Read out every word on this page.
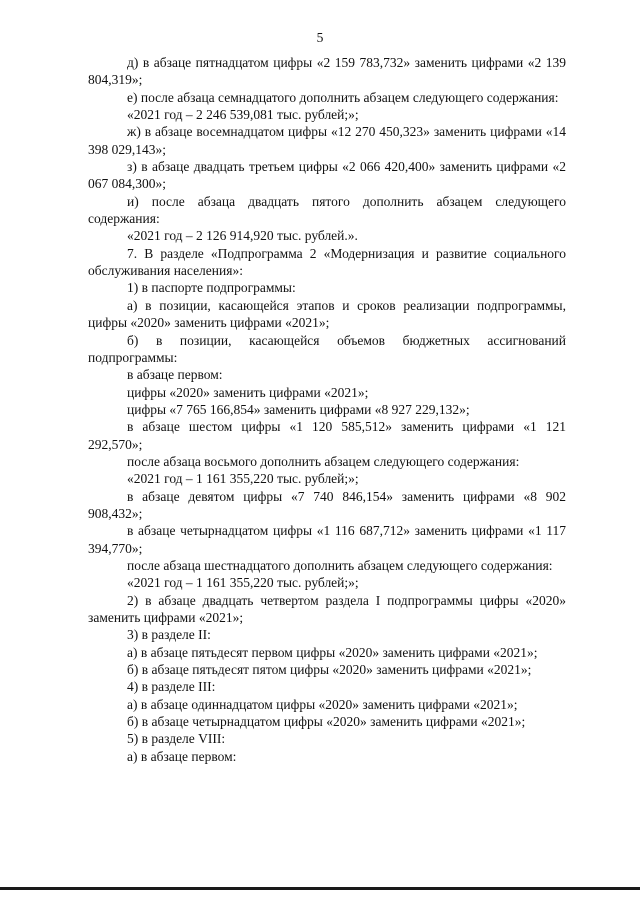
5

д) в абзаце пятнадцатом цифры «2 159 783,732» заменить цифрами «2 139 804,319»;

е) после абзаца семнадцатого дополнить абзацем следующего содержания:

«2021 год – 2 246 539,081 тыс. рублей;»;

ж) в абзаце восемнадцатом цифры «12 270 450,323» заменить цифрами «14 398 029,143»;

з) в абзаце двадцать третьем цифры «2 066 420,400» заменить цифрами «2 067 084,300»;

и) после абзаца двадцать пятого дополнить абзацем следующего содержания:

«2021 год – 2 126 914,920 тыс. рублей.».

7. В разделе «Подпрограмма 2 «Модернизация и развитие социального обслуживания населения»:

1) в паспорте подпрограммы:

а) в позиции, касающейся этапов и сроков реализации подпрограммы, цифры «2020» заменить цифрами «2021»;

б) в позиции, касающейся объемов бюджетных ассигнований подпрограммы:

в абзаце первом:

цифры «2020» заменить цифрами «2021»;

цифры «7 765 166,854» заменить цифрами «8 927 229,132»;

в абзаце шестом цифры «1 120 585,512» заменить цифрами «1 121 292,570»;

после абзаца восьмого дополнить абзацем следующего содержания:

«2021 год – 1 161 355,220 тыс. рублей;»;

в абзаце девятом цифры «7 740 846,154» заменить цифрами «8 902 908,432»;

в абзаце четырнадцатом цифры «1 116 687,712» заменить цифрами «1 117 394,770»;

после абзаца шестнадцатого дополнить абзацем следующего содержания:

«2021 год – 1 161 355,220 тыс. рублей;»;

2) в абзаце двадцать четвертом раздела I подпрограммы цифры «2020» заменить цифрами «2021»;

3) в разделе II:

а) в абзаце пятьдесят первом цифры «2020» заменить цифрами «2021»;

б) в абзаце пятьдесят пятом цифры «2020» заменить цифрами «2021»;

4) в разделе III:

а) в абзаце одиннадцатом цифры «2020» заменить цифрами «2021»;

б) в абзаце четырнадцатом цифры «2020» заменить цифрами «2021»;

5) в разделе VIII:

а) в абзаце первом:
